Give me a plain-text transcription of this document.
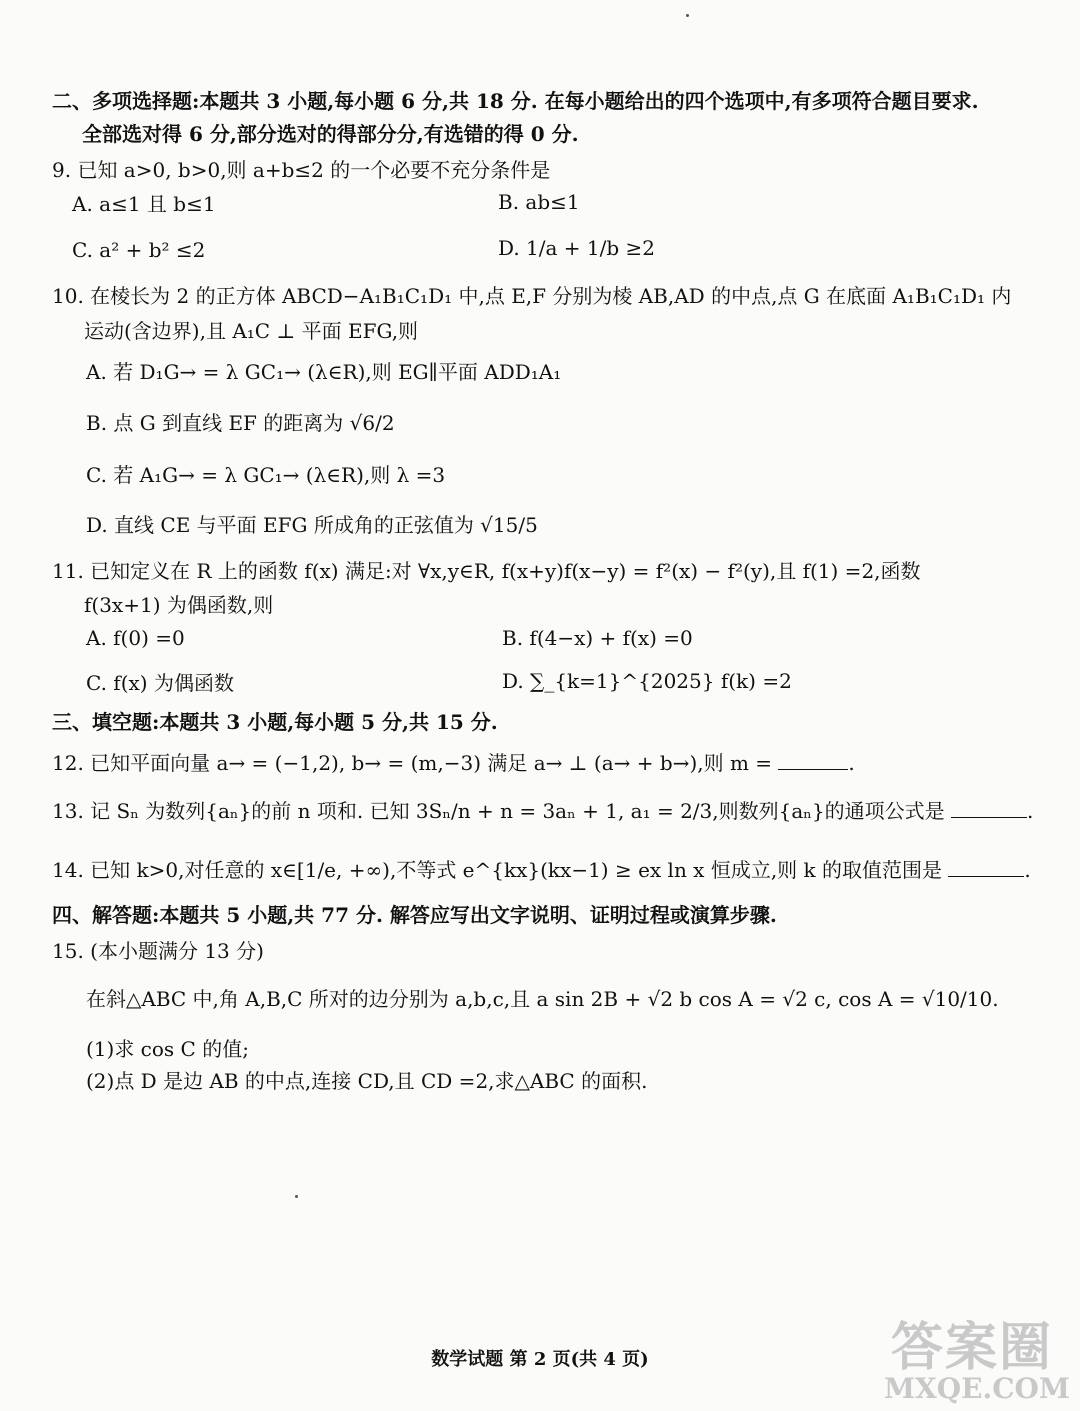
二、多项选择题:本题共 3 小题,每小题 6 分,共 18 分. 在每小题给出的四个选项中,有多项符合题目要求.
全部选对得 6 分,部分选对的得部分分,有选错的得 0 分.
9. 已知 a>0, b>0,则 a+b≤2 的一个必要不充分条件是
A. a≤1 且 b≤1	B. ab≤1
C. a² + b² ≤2	D. 1/a + 1/b ≥2
10. 在棱长为 2 的正方体 ABCD−A₁B₁C₁D₁ 中,点 E,F 分别为棱 AB,AD 的中点,点 G 在底面 A₁B₁C₁D₁ 内
运动(含边界),且 A₁C ⊥ 平面 EFG,则
A. 若 D₁G→ = λ GC₁→ (λ∈R),则 EG∥平面 ADD₁A₁
B. 点 G 到直线 EF 的距离为 √6/2
C. 若 A₁G→ = λ GC₁→ (λ∈R),则 λ =3
D. 直线 CE 与平面 EFG 所成角的正弦值为 √15/5
11. 已知定义在 R 上的函数 f(x) 满足:对 ∀x,y∈R, f(x+y)f(x−y) = f²(x) − f²(y),且 f(1) =2,函数
f(3x+1) 为偶函数,则
A. f(0) =0	B. f(4−x) + f(x) =0
C. f(x) 为偶函数	D. ∑_{k=1}^{2025} f(k) =2
三、填空题:本题共 3 小题,每小题 5 分,共 15 分.
12. 已知平面向量 a→ = (−1,2), b→ = (m,−3) 满足 a→ ⊥ (a→ + b→),则 m =	.
13. 记 Sₙ 为数列{aₙ}的前 n 项和. 已知 3Sₙ/n + n = 3aₙ + 1, a₁ = 2/3,则数列{aₙ}的通项公式是	.
14. 已知 k>0,对任意的 x∈[1/e, +∞),不等式 e^{kx}(kx−1) ≥ ex ln x 恒成立,则 k 的取值范围是	.
四、解答题:本题共 5 小题,共 77 分. 解答应写出文字说明、证明过程或演算步骤.
15. (本小题满分 13 分)
在斜△ABC 中,角 A,B,C 所对的边分别为 a,b,c,且 a sin 2B + √2 b cos A = √2 c, cos A = √10/10.
(1)求 cos C 的值;
(2)点 D 是边 AB 的中点,连接 CD,且 CD =2,求△ABC 的面积.
数学试题 第 2 页(共 4 页)	答案圈
MXQE.COM
